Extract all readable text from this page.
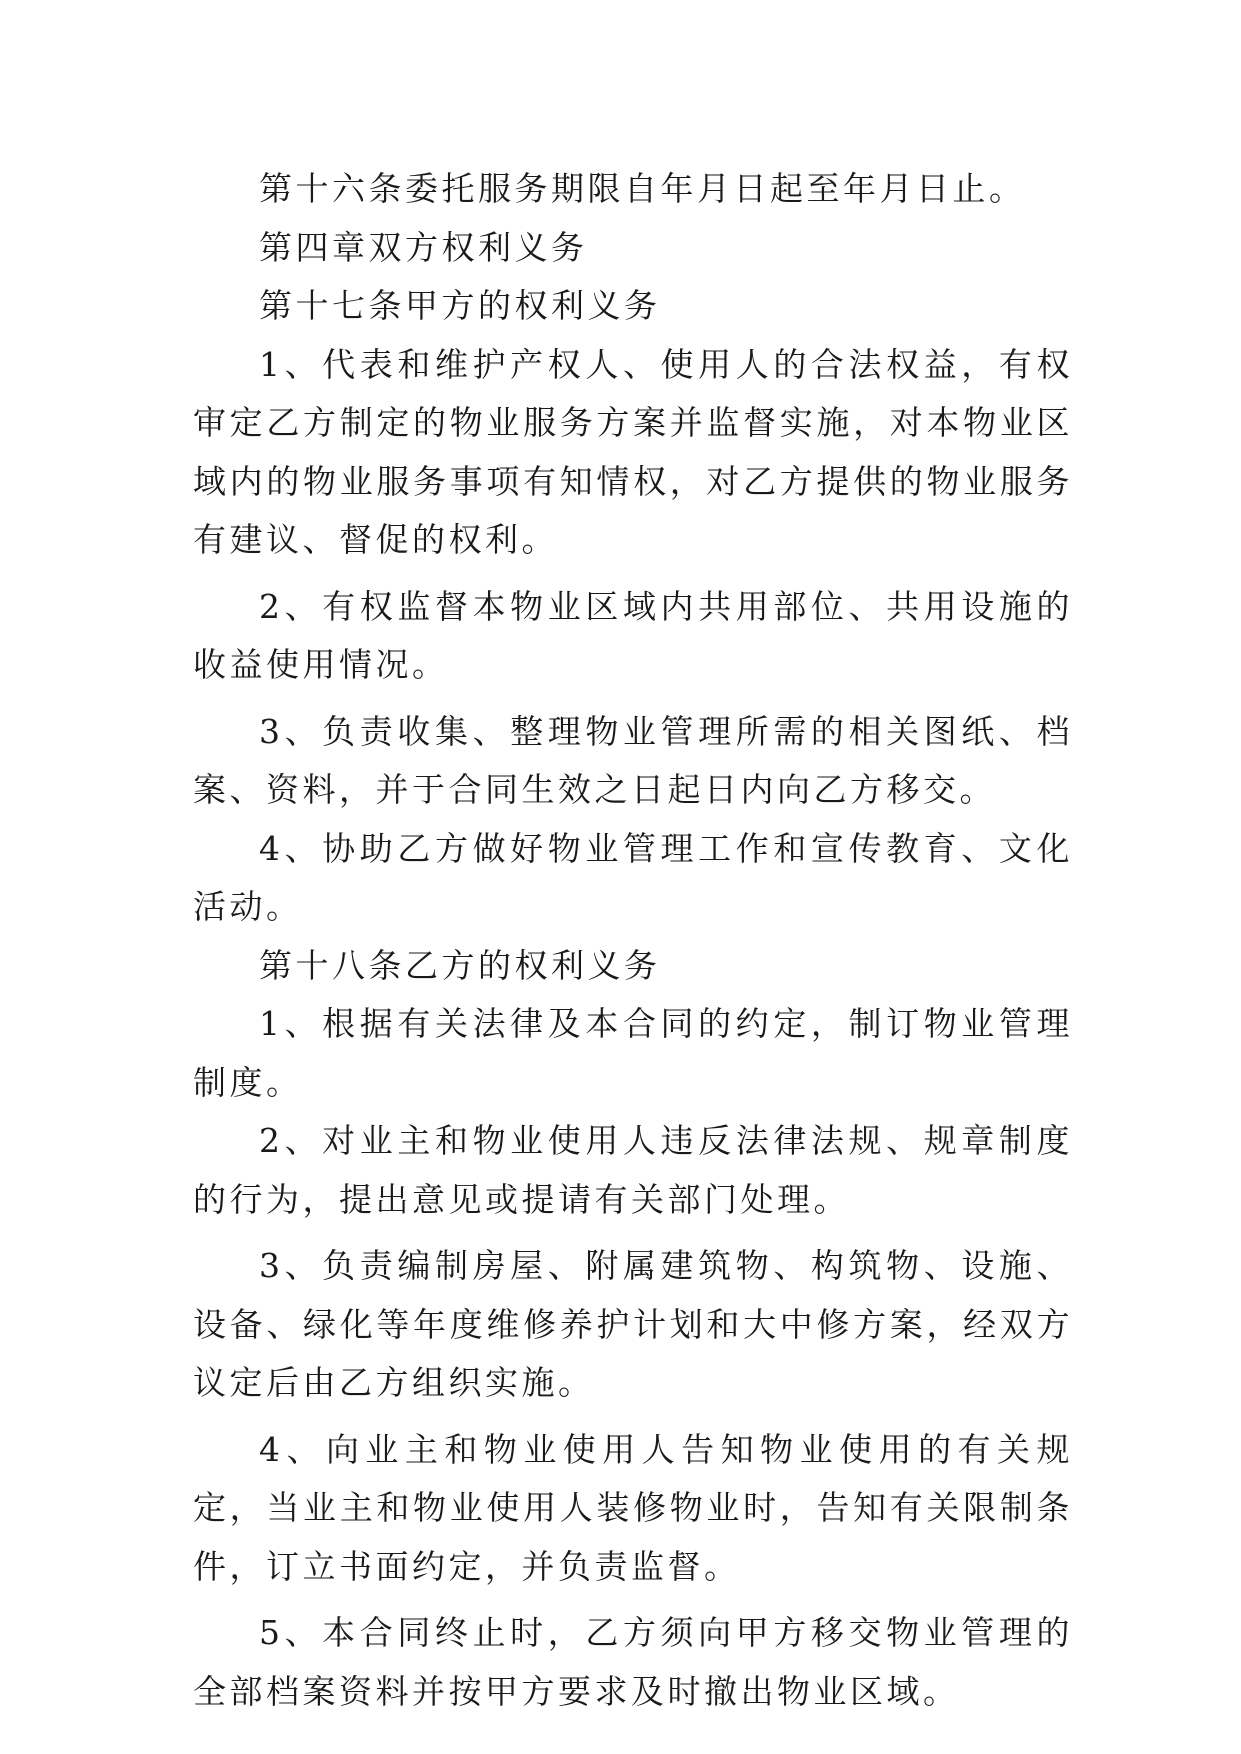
第十六条委托服务期限自年月日起至年月日止。

第四章双方权利义务

第十七条甲方的权利义务

1、代表和维护产权人、使用人的合法权益，有权审定乙方制定的物业服务方案并监督实施，对本物业区域内的物业服务事项有知情权，对乙方提供的物业服务有建议、督促的权利。

2、有权监督本物业区域内共用部位、共用设施的收益使用情况。

3、负责收集、整理物业管理所需的相关图纸、档案、资料，并于合同生效之日起日内向乙方移交。

4、协助乙方做好物业管理工作和宣传教育、文化活动。

第十八条乙方的权利义务

1、根据有关法律及本合同的约定，制订物业管理制度。

2、对业主和物业使用人违反法律法规、规章制度的行为，提出意见或提请有关部门处理。

3、负责编制房屋、附属建筑物、构筑物、设施、设备、绿化等年度维修养护计划和大中修方案，经双方议定后由乙方组织实施。

4、向业主和物业使用人告知物业使用的有关规定，当业主和物业使用人装修物业时，告知有关限制条件，订立书面约定，并负责监督。

5、本合同终止时，乙方须向甲方移交物业管理的全部档案资料并按甲方要求及时撤出物业区域。
